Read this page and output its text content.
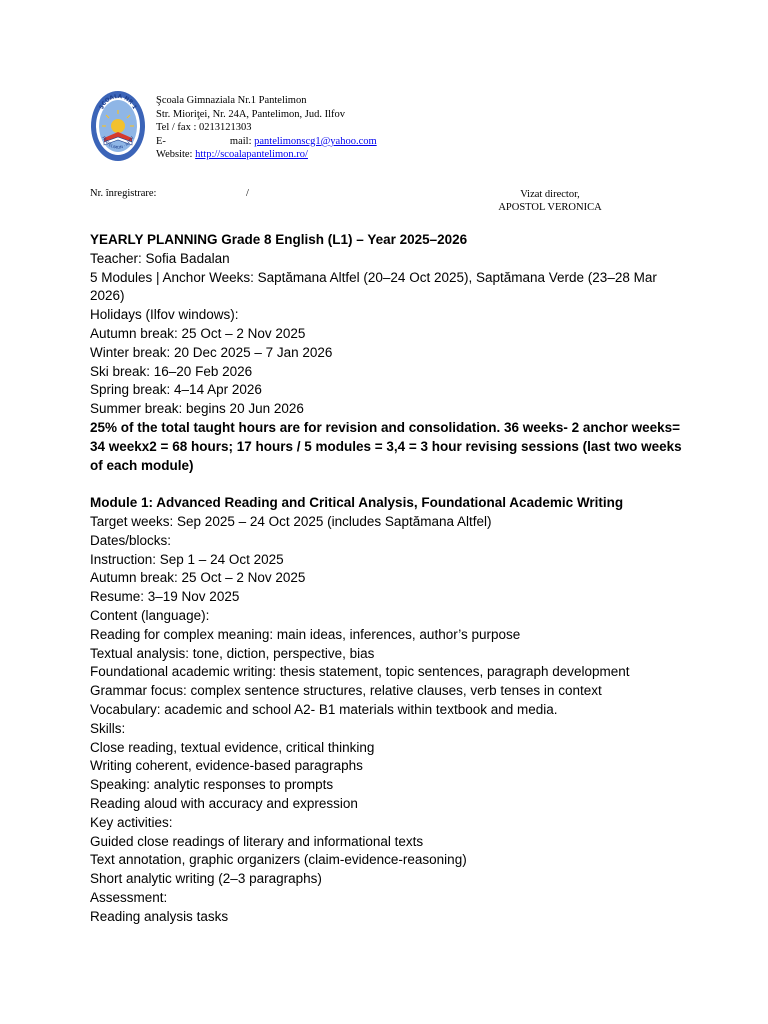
ŞCOALA NR 1
PANTELIMON · ILFOV
Şcoala Gimnaziala Nr.1 Pantelimon
Str. Mioriţei, Nr. 24A, Pantelimon, Jud. Ilfov
Tel / fax : 0213121303
E-	mail: pantelimonscg1@yahoo.com
Website: http://scoalapantelimon.ro/
Nr. înregistrare:	/	Vizat director,
APOSTOL VERONICA
YEARLY PLANNING Grade 8 English (L1) – Year 2025–2026
Teacher: Sofia Badalan
5 Modules | Anchor Weeks: Saptămana Altfel (20–24 Oct 2025), Saptămana Verde (23–28 Mar 2026)
Holidays (Ilfov windows):
Autumn break: 25 Oct – 2 Nov 2025
Winter break: 20 Dec 2025 – 7 Jan 2026
Ski break: 16–20 Feb 2026
Spring break: 4–14 Apr 2026
Summer break: begins 20 Jun 2026
25% of the total taught hours are for revision and consolidation. 36 weeks- 2 anchor weeks= 34 weekx2 = 68 hours; 17 hours / 5 modules = 3,4 = 3 hour revising sessions (last two weeks of each module)
Module 1: Advanced Reading and Critical Analysis, Foundational Academic Writing
Target weeks: Sep 2025 – 24 Oct 2025 (includes Saptămana Altfel)
Dates/blocks:
Instruction: Sep 1 – 24 Oct 2025
Autumn break: 25 Oct – 2 Nov 2025
Resume: 3–19 Nov 2025
Content (language):
Reading for complex meaning: main ideas, inferences, author’s purpose
Textual analysis: tone, diction, perspective, bias
Foundational academic writing: thesis statement, topic sentences, paragraph development
Grammar focus: complex sentence structures, relative clauses, verb tenses in context
Vocabulary: academic and school A2- B1 materials within textbook and media.
Skills:
Close reading, textual evidence, critical thinking
Writing coherent, evidence-based paragraphs
Speaking: analytic responses to prompts
Reading aloud with accuracy and expression
Key activities:
Guided close readings of literary and informational texts
Text annotation, graphic organizers (claim-evidence-reasoning)
Short analytic writing (2–3 paragraphs)
Assessment:
Reading analysis tasks
